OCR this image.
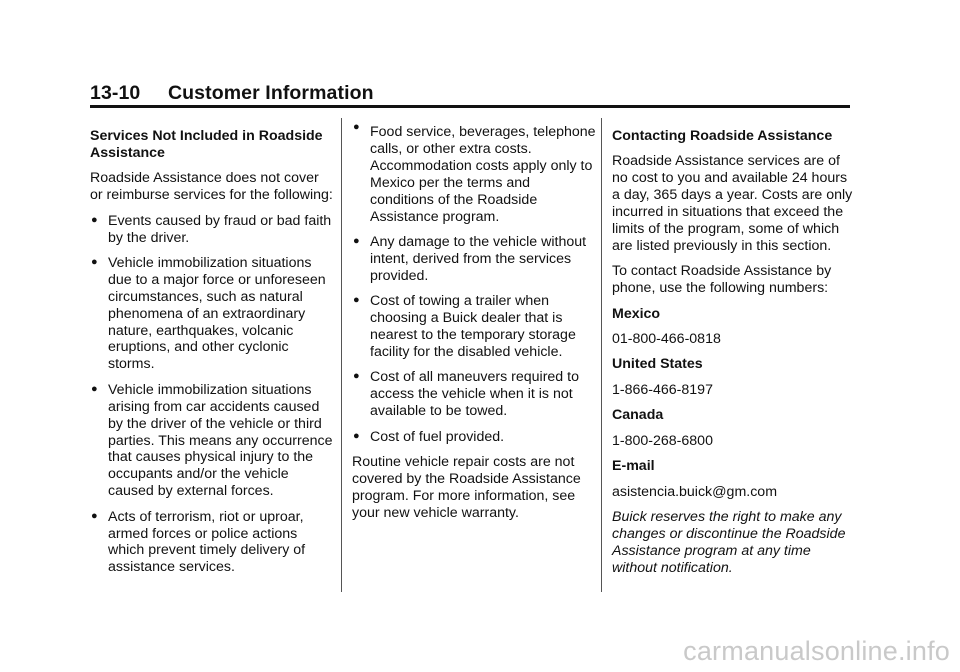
13-10     Customer Information

Services Not Included in Roadside Assistance

Roadside Assistance does not cover or reimburse services for the following:

● Events caused by fraud or bad faith by the driver.
● Vehicle immobilization situations due to a major force or unforeseen circumstances, such as natural phenomena of an extraordinary nature, earthquakes, volcanic eruptions, and other cyclonic storms.
● Vehicle immobilization situations arising from car accidents caused by the driver of the vehicle or third parties. This means any occurrence that causes physical injury to the occupants and/or the vehicle caused by external forces.
● Acts of terrorism, riot or uproar, armed forces or police actions which prevent timely delivery of assistance services.
● Food service, beverages, telephone calls, or other extra costs. Accommodation costs apply only to Mexico per the terms and conditions of the Roadside Assistance program.
● Any damage to the vehicle without intent, derived from the services provided.
● Cost of towing a trailer when choosing a Buick dealer that is nearest to the temporary storage facility for the disabled vehicle.
● Cost of all maneuvers required to access the vehicle when it is not available to be towed.
● Cost of fuel provided.

Routine vehicle repair costs are not covered by the Roadside Assistance program. For more information, see your new vehicle warranty.

Contacting Roadside Assistance

Roadside Assistance services are of no cost to you and available 24 hours a day, 365 days a year. Costs are only incurred in situations that exceed the limits of the program, some of which are listed previously in this section.

To contact Roadside Assistance by phone, use the following numbers:

Mexico

01-800-466-0818

United States

1-866-466-8197

Canada

1-800-268-6800

E-mail

asistencia.buick@gm.com

Buick reserves the right to make any changes or discontinue the Roadside Assistance program at any time without notification.

carmanualsonline.info
